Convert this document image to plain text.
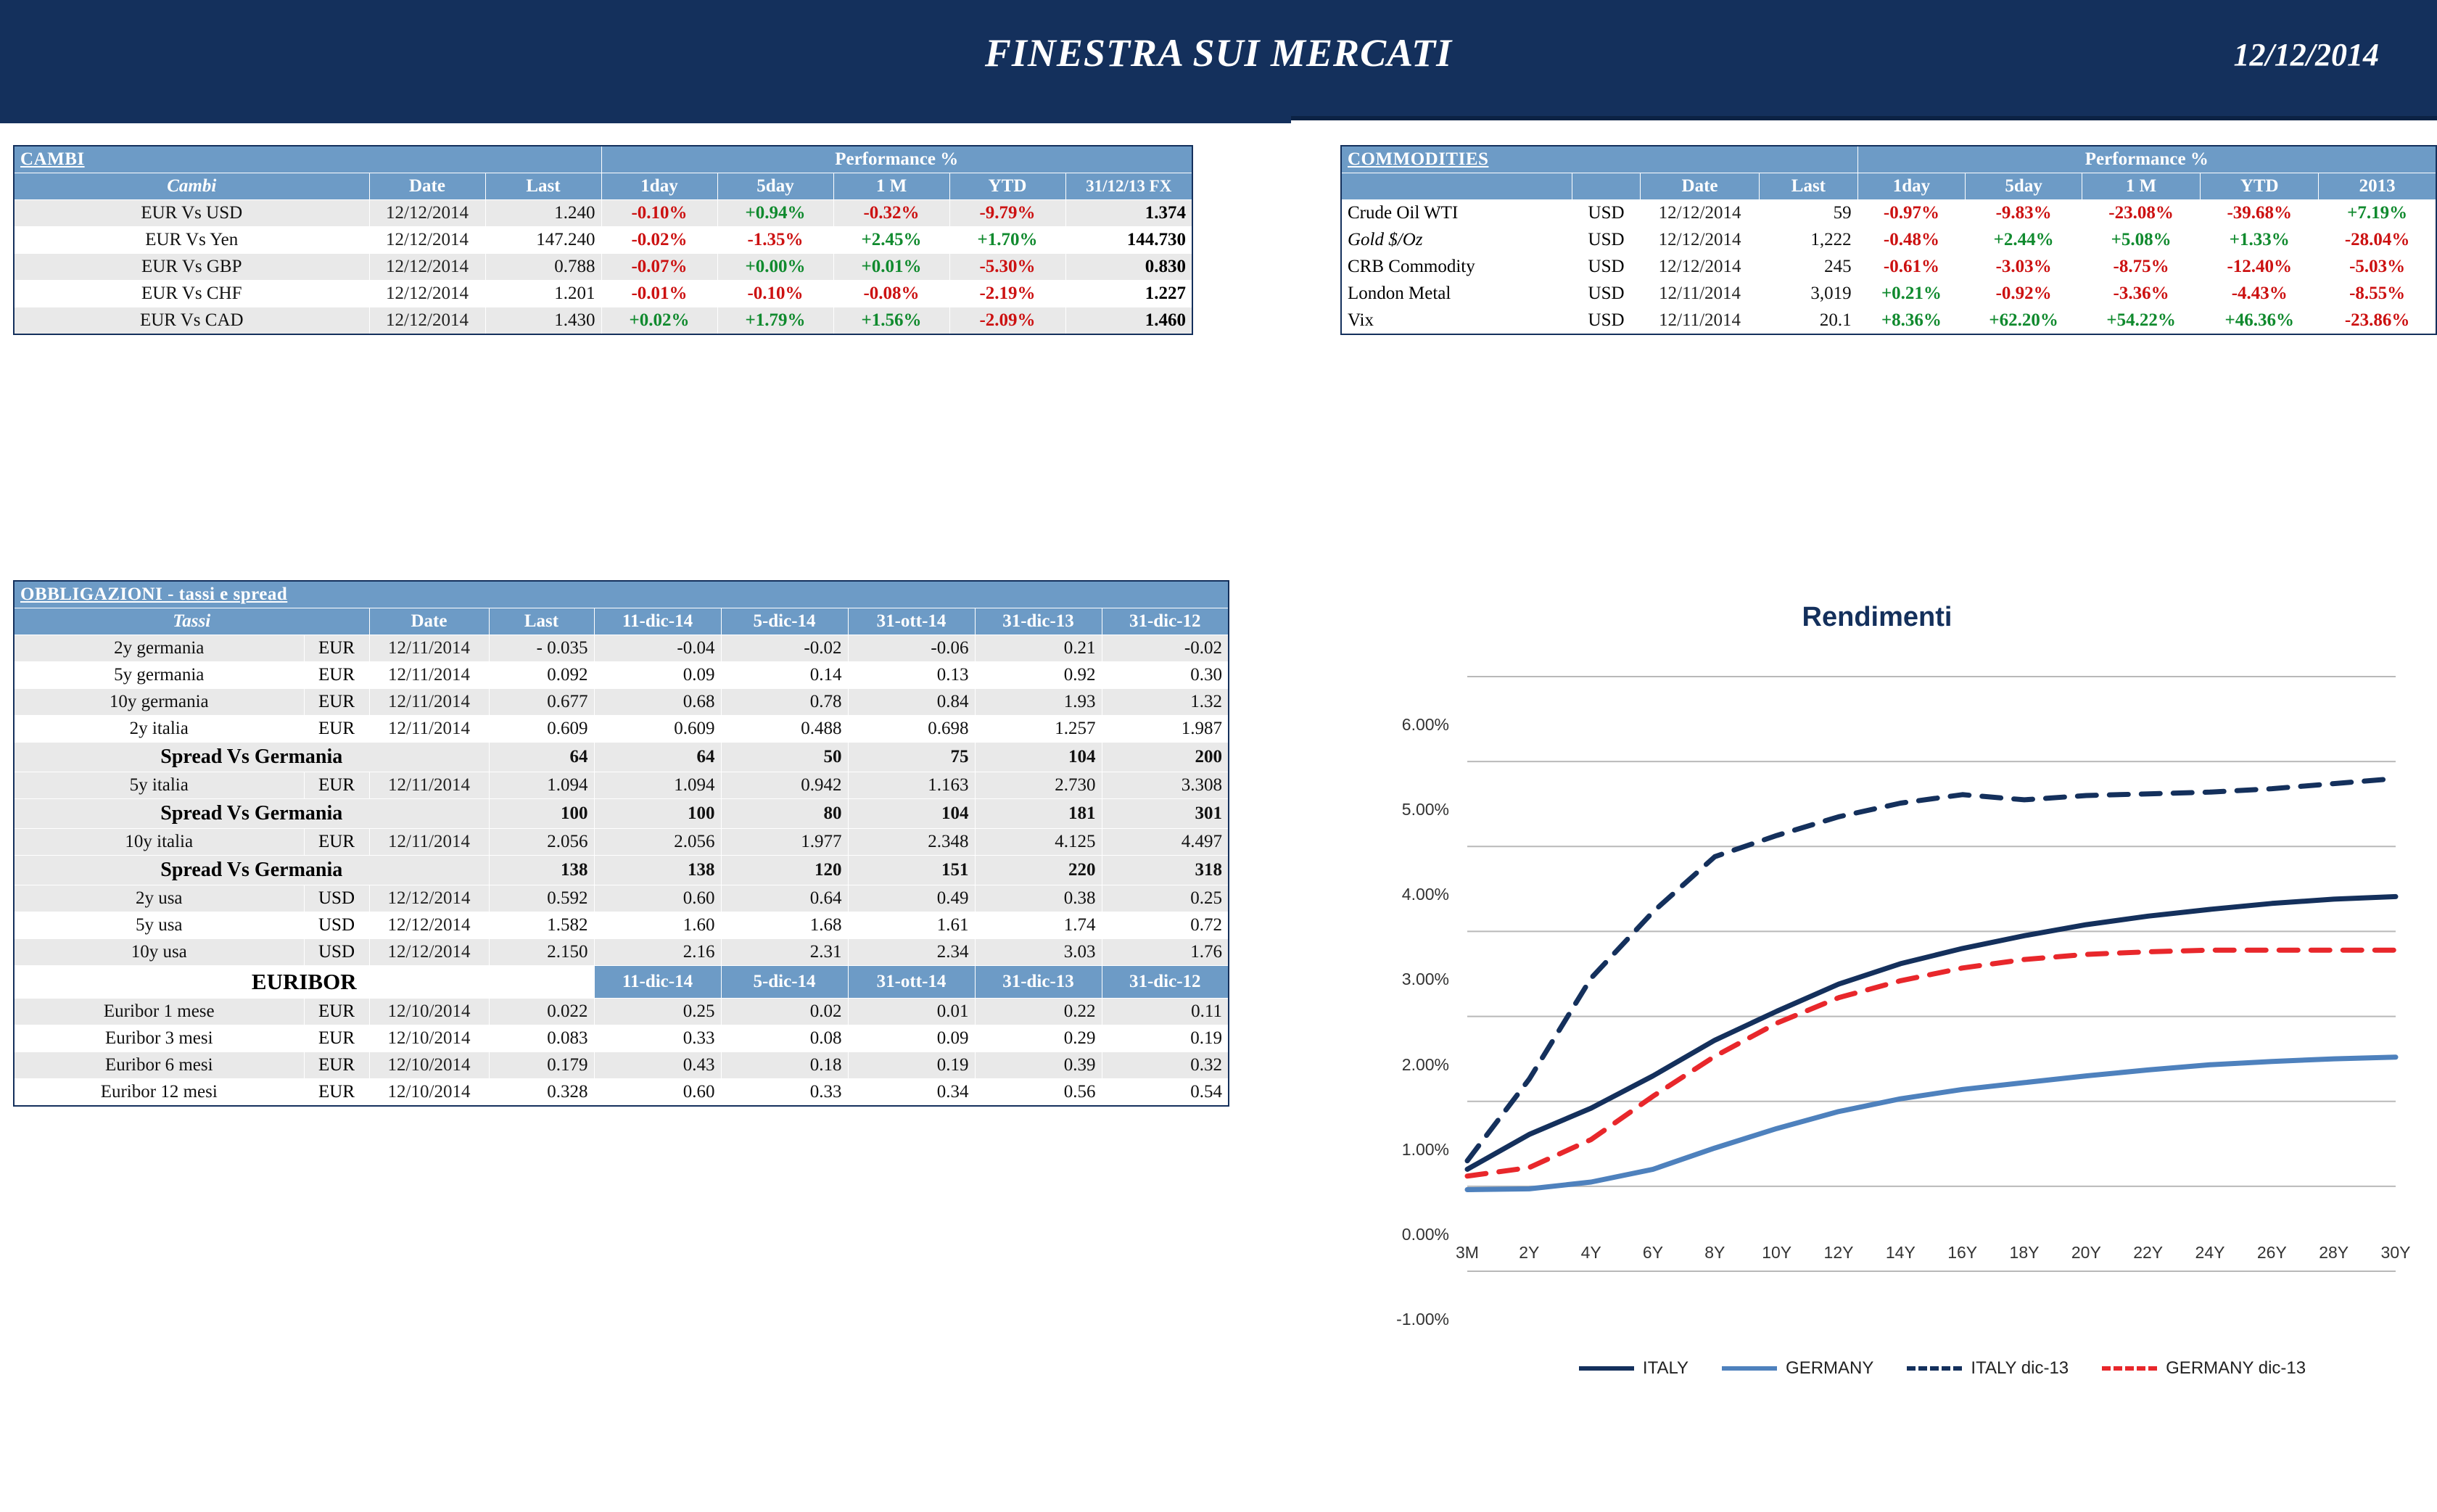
FINESTRA SUI MERCATI	12/12/2014
CAMBI			Performance %				
Cambi	Date	Last	1day	5day	1 M	YTD	31/12/13 FX
EUR Vs USD	12/12/2014	1.240	-0.10%	+0.94%	-0.32%	-9.79%	1.374
EUR Vs Yen	12/12/2014	147.240	-0.02%	-1.35%	+2.45%	+1.70%	144.730
EUR Vs GBP	12/12/2014	0.788	-0.07%	+0.00%	+0.01%	-5.30%	0.830
EUR Vs CHF	12/12/2014	1.201	-0.01%	-0.10%	-0.08%	-2.19%	1.227
EUR Vs CAD	12/12/2014	1.430	+0.02%	+1.79%	+1.56%	-2.09%	1.460
COMMODITIES				Performance %				
		Date	Last	1day	5day	1 M	YTD	2013
Crude Oil WTI	USD	12/12/2014	59	-0.97%	-9.83%	-23.08%	-39.68%	+7.19%
Gold $/Oz	USD	12/12/2014	1,222	-0.48%	+2.44%	+5.08%	+1.33%	-28.04%
CRB Commodity	USD	12/12/2014	245	-0.61%	-3.03%	-8.75%	-12.40%	-5.03%
London Metal	USD	12/11/2014	3,019	+0.21%	-0.92%	-3.36%	-4.43%	-8.55%
Vix	USD	12/11/2014	20.1	+8.36%	+62.20%	+54.22%	+46.36%	-23.86%
OBBLIGAZIONI - tassi e spread								
Tassi		Date	Last	11-dic-14	5-dic-14	31-ott-14	31-dic-13	31-dic-12
2y germania	EUR	12/11/2014	- 0.035	-0.04	-0.02	-0.06	0.21	-0.02
5y germania	EUR	12/11/2014	0.092	0.09	0.14	0.13	0.92	0.30
10y germania	EUR	12/11/2014	0.677	0.68	0.78	0.84	1.93	1.32
2y italia	EUR	12/11/2014	0.609	0.609	0.488	0.698	1.257	1.987
Spread Vs Germania			64	64	50	75	104	200
5y italia	EUR	12/11/2014	1.094	1.094	0.942	1.163	2.730	3.308
Spread Vs Germania			100	100	80	104	181	301
10y italia	EUR	12/11/2014	2.056	2.056	1.977	2.348	4.125	4.497
Spread Vs Germania			138	138	120	151	220	318
2y usa	USD	12/12/2014	0.592	0.60	0.64	0.49	0.38	0.25
5y usa	USD	12/12/2014	1.582	1.60	1.68	1.61	1.74	0.72
10y usa	USD	12/12/2014	2.150	2.16	2.31	2.34	3.03	1.76
EURIBOR				11-dic-14	5-dic-14	31-ott-14	31-dic-13	31-dic-12
Euribor 1 mese	EUR	12/10/2014	0.022	0.25	0.02	0.01	0.22	0.11
Euribor 3 mesi	EUR	12/10/2014	0.083	0.33	0.08	0.09	0.29	0.19
Euribor 6 mesi	EUR	12/10/2014	0.179	0.43	0.18	0.19	0.39	0.32
Euribor 12 mesi	EUR	12/10/2014	0.328	0.60	0.33	0.34	0.56	0.54
Rendimenti
ITALY	GERMANY	ITALY dic-13	GERMANY dic-13
6.00%
5.00%
4.00%
3.00%
2.00%
1.00%
0.00%
-1.00%
3M	2Y	4Y	6Y	8Y	10Y	12Y	14Y	16Y	18Y	20Y	22Y	24Y	26Y	28Y	30Y
